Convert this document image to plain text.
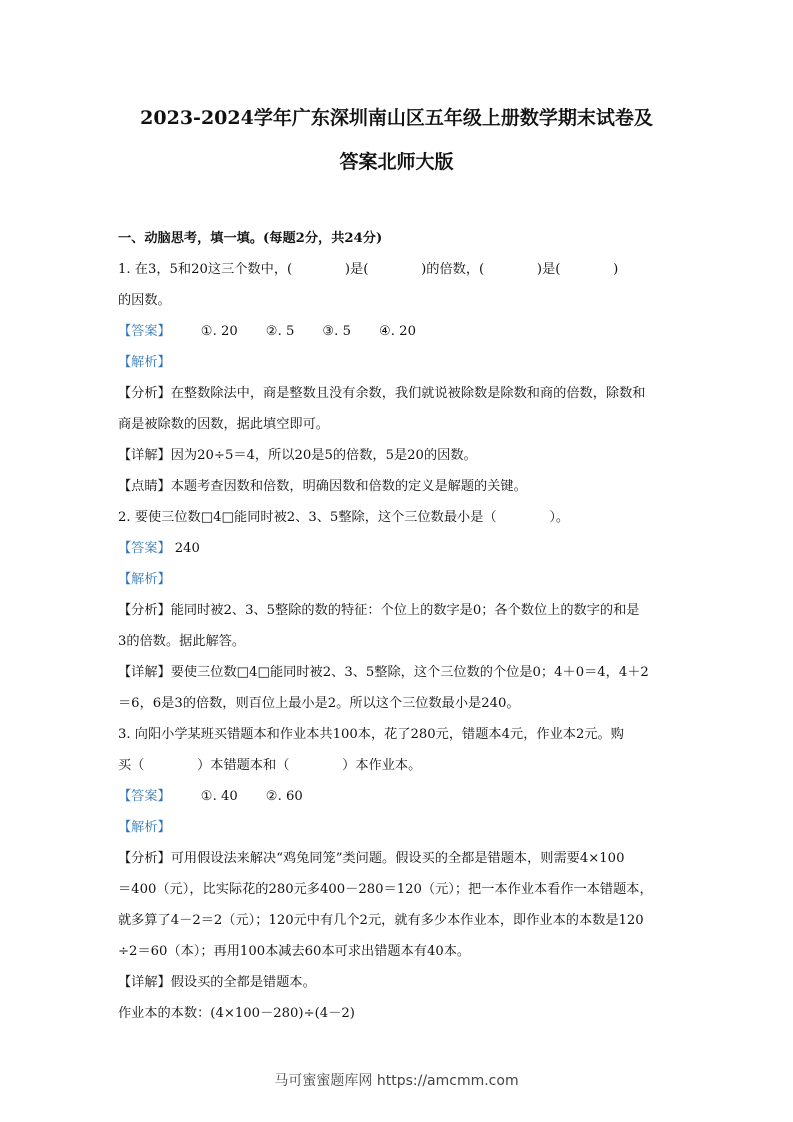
2023-2024学年广东深圳南山区五年级上册数学期末试卷及
答案北师大版
一、动脑思考，填一填。(每题2分，共24分)
1. 在3，5和20这三个数中，(　　　　)是(　　　　)的倍数，(　　　　)是(　　　　)
的因数。
【答案】 ①. 20 ②. 5 ③. 5 ④. 20
【解析】
【分析】在整数除法中，商是整数且没有余数，我们就说被除数是除数和商的倍数，除数和
商是被除数的因数，据此填空即可。
【详解】因为20÷5＝4，所以20是5的倍数，5是20的因数。
【点睛】本题考查因数和倍数，明确因数和倍数的定义是解题的关键。
2. 要使三位数□4□能同时被2、3、5整除，这个三位数最小是（　　　　）。
【答案】 240
【解析】
【分析】能同时被2、3、5整除的数的特征：个位上的数字是0；各个数位上的数字的和是
3的倍数。据此解答。
【详解】要使三位数□4□能同时被2、3、5整除，这个三位数的个位是0；4＋0＝4，4＋2
＝6，6是3的倍数，则百位上最小是2。所以这个三位数最小是240。
3. 向阳小学某班买错题本和作业本共100本，花了280元，错题本4元，作业本2元。购
买（　　　　）本错题本和（　　　　）本作业本。
【答案】 ①. 40 ②. 60
【解析】
【分析】可用假设法来解决“鸡兔同笼”类问题。假设买的全都是错题本，则需要4×100
＝400（元），比实际花的280元多400－280＝120（元）；把一本作业本看作一本错题本，
就多算了4－2＝2（元）；120元中有几个2元，就有多少本作业本，即作业本的本数是120
÷2＝60（本）；再用100本减去60本可求出错题本有40本。
【详解】假设买的全都是错题本。
作业本的本数：(4×100－280)÷(4－2)
马可蜜蜜题库网 https://amcmm.com
